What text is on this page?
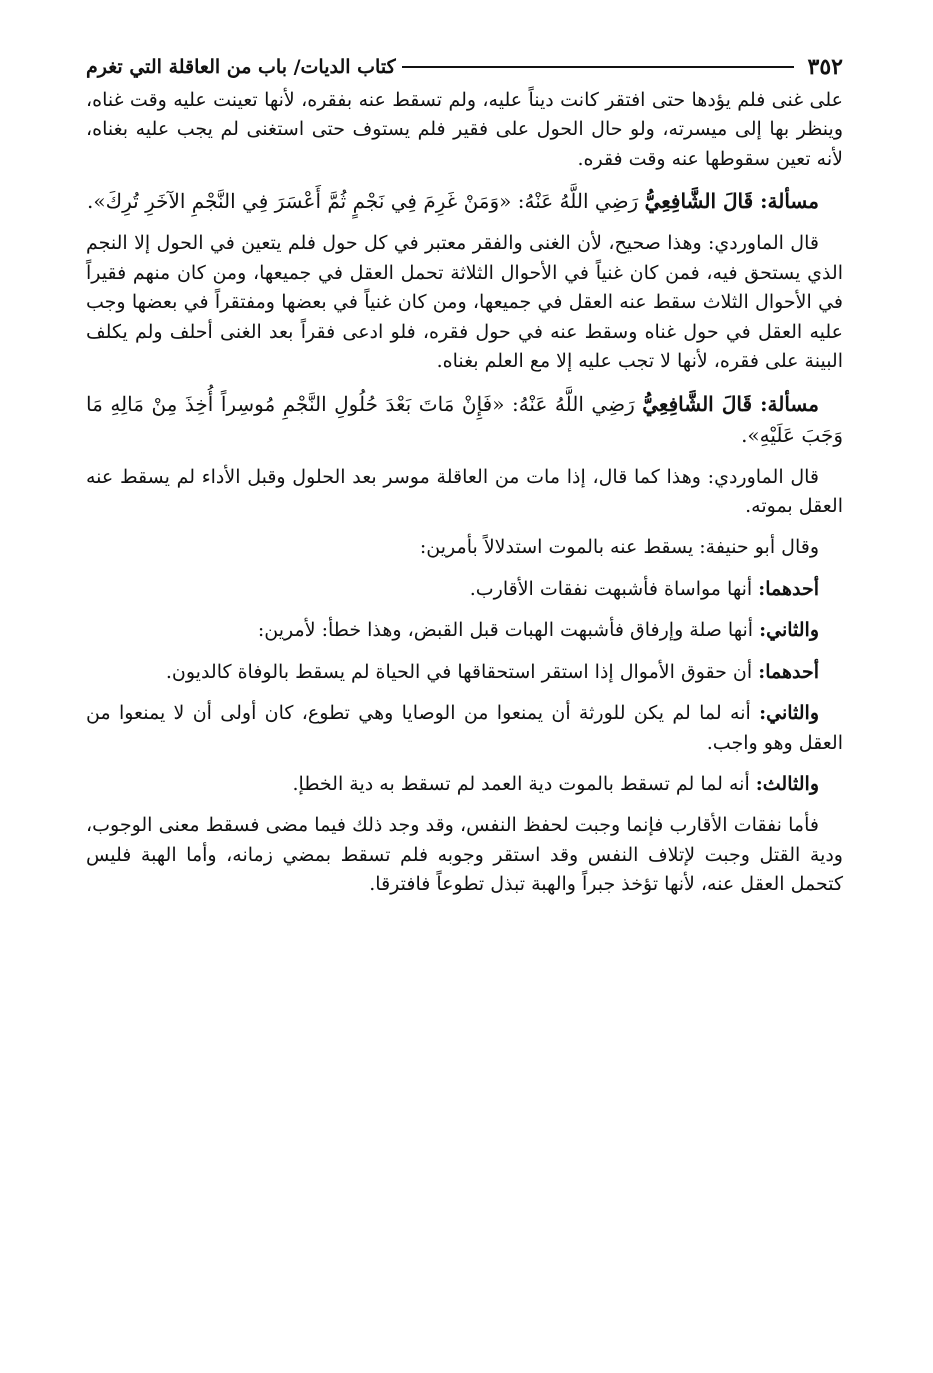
٣٥٢
كتاب الديات/ باب من العاقلة التي تغرم

على غنى فلم يؤدها حتى افتقر كانت ديناً عليه، ولم تسقط عنه بفقره، لأنها تعينت عليه وقت غناه، وينظر بها إلى ميسرته، ولو حال الحول على فقير فلم يستوف حتى استغنى لم يجب عليه بغناه، لأنه تعين سقوطها عنه وقت فقره.

مسألة: قَالَ الشَّافِعِيُّ رَضِي اللَّهُ عَنْهُ: «وَمَنْ غَرِمَ فِي نَجْمٍ ثُمَّ أَعْسَرَ فِي النَّجْمِ الآخَرِ تُرِكَ».

قال الماوردي: وهذا صحيح، لأن الغنى والفقر معتبر في كل حول فلم يتعين في الحول إلا النجم الذي يستحق فيه، فمن كان غنياً في الأحوال الثلاثة تحمل العقل في جميعها، ومن كان منهم فقيراً في الأحوال الثلاث سقط عنه العقل في جميعها، ومن كان غنياً في بعضها ومفتقراً في بعضها وجب عليه العقل في حول غناه وسقط عنه في حول فقره، فلو ادعى فقراً بعد الغنى أحلف ولم يكلف البينة على فقره، لأنها لا تجب عليه إلا مع العلم بغناه.

مسألة: قَالَ الشَّافِعِيُّ رَضِي اللَّهُ عَنْهُ: «فَإِنْ مَاتَ بَعْدَ حُلُولِ النَّجْمِ مُوسِراً أُخِذَ مِنْ مَالِهِ مَا وَجَبَ عَلَيْهِ».

قال الماوردي: وهذا كما قال، إذا مات من العاقلة موسر بعد الحلول وقبل الأداء لم يسقط عنه العقل بموته.

وقال أبو حنيفة: يسقط عنه بالموت استدلالاً بأمرين:

أحدهما: أنها مواساة فأشبهت نفقات الأقارب.

والثاني: أنها صلة وإرفاق فأشبهت الهبات قبل القبض، وهذا خطأ: لأمرين:

أحدهما: أن حقوق الأموال إذا استقر استحقاقها في الحياة لم يسقط بالوفاة كالديون.

والثاني: أنه لما لم يكن للورثة أن يمنعوا من الوصايا وهي تطوع، كان أولى أن لا يمنعوا من العقل وهو واجب.

والثالث: أنه لما لم تسقط بالموت دية العمد لم تسقط به دية الخطإ.

فأما نفقات الأقارب فإنما وجبت لحفظ النفس، وقد وجد ذلك فيما مضى فسقط معنى الوجوب، ودية القتل وجبت لإتلاف النفس وقد استقر وجوبه فلم تسقط بمضي زمانه، وأما الهبة فليس كتحمل العقل عنه، لأنها تؤخذ جبراً والهبة تبذل تطوعاً فافترقا.
